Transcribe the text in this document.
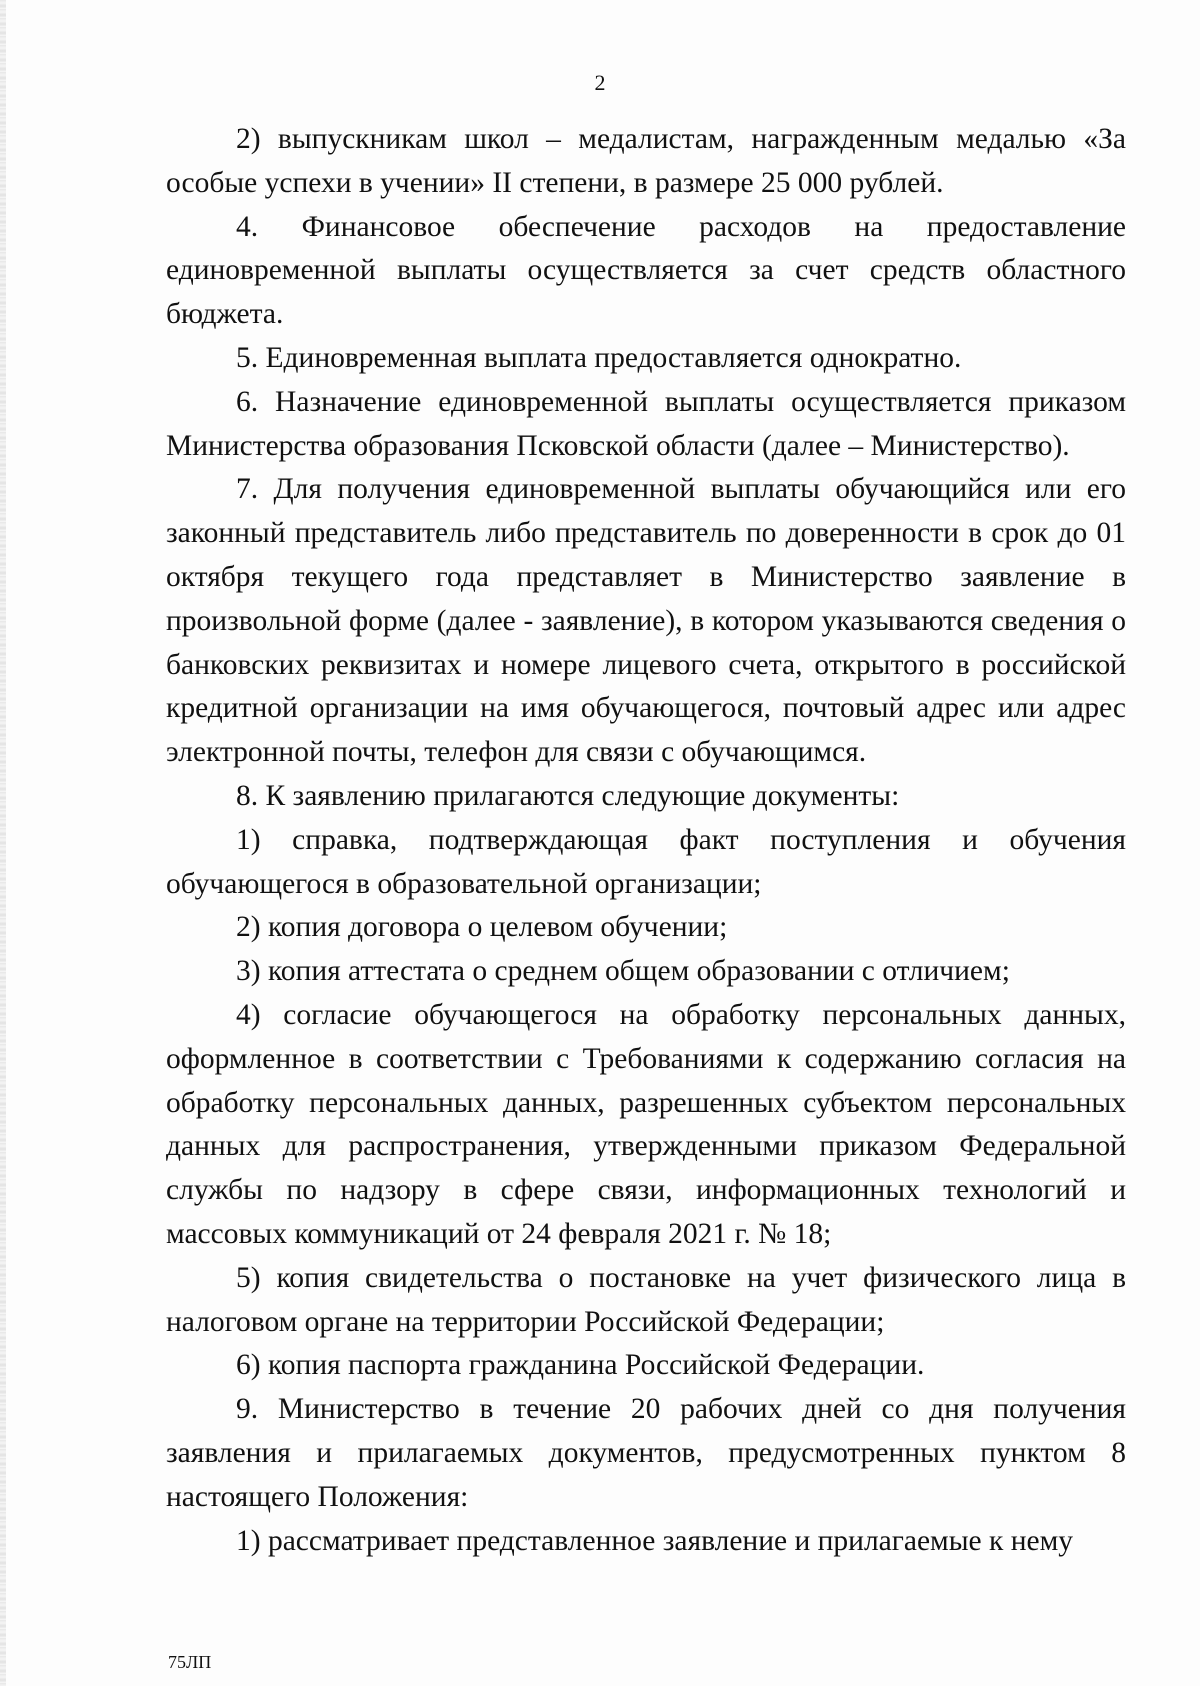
2

2) выпускникам школ – медалистам, награжденным медалью «За особые успехи в учении» II степени, в размере 25 000 рублей.

4. Финансовое обеспечение расходов на предоставление единовременной выплаты осуществляется за счет средств областного бюджета.

5. Единовременная выплата предоставляется однократно.

6. Назначение единовременной выплаты осуществляется приказом Министерства образования Псковской области (далее – Министерство).

7. Для получения единовременной выплаты обучающийся или его законный представитель либо представитель по доверенности в срок до 01 октября текущего года представляет в Министерство заявление в произвольной форме (далее - заявление), в котором указываются сведения о банковских реквизитах и номере лицевого счета, открытого в российской кредитной организации на имя обучающегося, почтовый адрес или адрес электронной почты, телефон для связи с обучающимся.

8. К заявлению прилагаются следующие документы:

1) справка, подтверждающая факт поступления и обучения обучающегося в образовательной организации;

2) копия договора о целевом обучении;

3) копия аттестата о среднем общем образовании с отличием;

4) согласие обучающегося на обработку персональных данных, оформленное в соответствии с Требованиями к содержанию согласия на обработку персональных данных, разрешенных субъектом персональных данных для распространения, утвержденными приказом Федеральной службы по надзору в сфере связи, информационных технологий и массовых коммуникаций от 24 февраля 2021 г. № 18;

5) копия свидетельства о постановке на учет физического лица в налоговом органе на территории Российской Федерации;

6) копия паспорта гражданина Российской Федерации.

9. Министерство в течение 20 рабочих дней со дня получения заявления и прилагаемых документов, предусмотренных пунктом 8 настоящего Положения:

1) рассматривает представленное заявление и прилагаемые к нему

75ЛП
